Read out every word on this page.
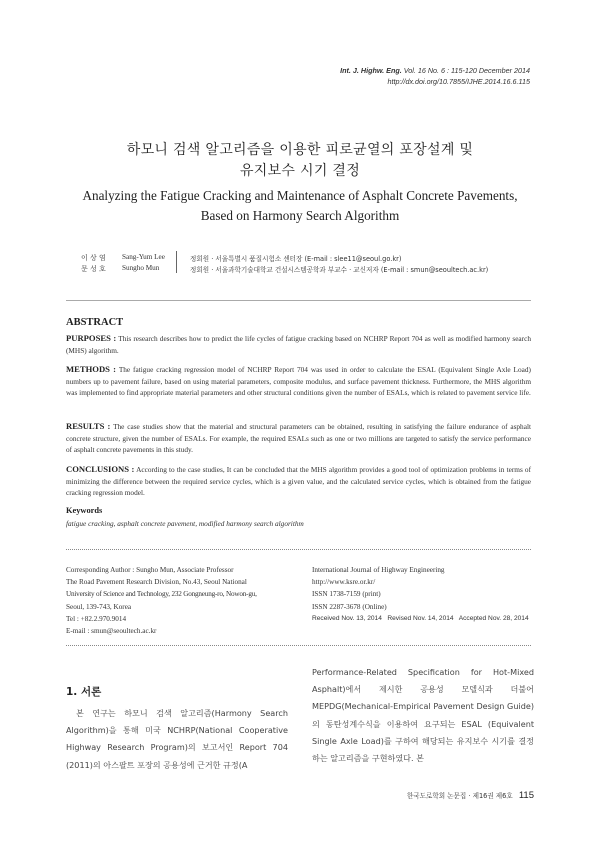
Int. J. Highw. Eng. Vol. 16 No. 6 : 115-120 December 2014
http://dx.doi.org/10.7855/IJHE.2014.16.6.115
하모니 검색 알고리즘을 이용한 피로균열의 포장설계 및
유지보수 시기 결정
Analyzing the Fatigue Cracking and Maintenance of Asphalt Concrete Pavements,
Based on Harmony Search Algorithm
이 상 염 Sang-Yum Lee	정회원 · 서울특별시 품질시험소 센터장 (E-mail : slee11@seoul.go.kr)
문 성 호 Sungho Mun	정회원 · 서울과학기술대학교 건설시스템공학과 부교수 · 교신저자 (E-mail : smun@seoultech.ac.kr)
ABSTRACT
PURPOSES : This research describes how to predict the life cycles of fatigue cracking based on NCHRP Report 704 as well as modified harmony search (MHS) algorithm.
METHODS : The fatigue cracking regression model of NCHRP Report 704 was used in order to calculate the ESAL (Equivalent Single Axle Load) numbers up to pavement failure, based on using material parameters, composite modulus, and surface pavement thickness. Furthermore, the MHS algorithm was implemented to find appropriate material parameters and other structural conditions given the number of ESALs, which is related to pavement service life.
RESULTS : The case studies show that the material and structural parameters can be obtained, resulting in satisfying the failure endurance of asphalt concrete structure, given the number of ESALs. For example, the required ESALs such as one or two millions are targeted to satisfy the service performance of asphalt concrete pavements in this study.
CONCLUSIONS : According to the case studies, It can be concluded that the MHS algorithm provides a good tool of optimization problems in terms of minimizing the difference between the required service cycles, which is a given value, and the calculated service cycles, which is obtained from the fatigue cracking regression model.
Keywords
fatigue cracking, asphalt concrete pavement, modified harmony search algorithm
Corresponding Author : Sungho Mun, Associate Professor
The Road Pavement Research Division, No.43, Seoul National
University of Science and Technology, 232 Gongneung-ro, Nowon-gu,
Seoul, 139-743, Korea
Tel : +82.2.970.9014
E-mail : smun@seoultech.ac.kr
International Journal of Highway Engineering
http://www.ksre.or.kr/
ISSN 1738-7159 (print)
ISSN 2287-3678 (Online)
Received Nov. 13, 2014   Revised Nov. 14, 2014   Accepted Nov. 28, 2014
1. 서론
본 연구는 하모니 검색 알고리즘(Harmony Search Algorithm)을 통해 미국 NCHRP(National Cooperative Highway Research Program)의 보고서인 Report 704 (2011)의 아스팔트 포장의 공용성에 근거한 규정(A
Performance-Related Specification for Hot-Mixed Asphalt)에서 제시한 공용성 모델식과 더불어 MEPDG(Mechanical-Empirical Pavement Design Guide)의 동탄성계수식을 이용하여 요구되는 ESAL (Equivalent Single Axle Load)를 구하여 해당되는 유지보수 시기를 결정하는 알고리즘을 구현하였다. 본
한국도로학회 논문집 · 제16권 제6호 115
